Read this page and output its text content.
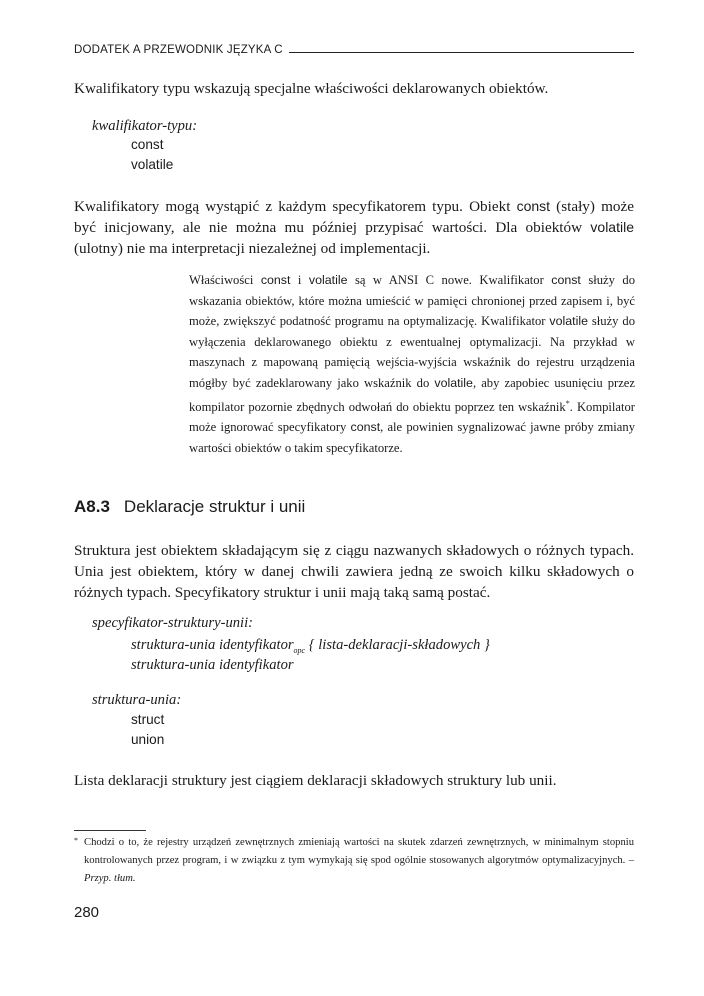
DODATEK A PRZEWODNIK JĘZYKA C

Kwalifikatory typu wskazują specjalne właściwości deklarowanych obiektów.

kwalifikator-typu:
const
volatile

Kwalifikatory mogą wystąpić z każdym specyfikatorem typu. Obiekt const (stały) może być inicjowany, ale nie można mu później przypisać wartości. Dla obiektów volatile (ulotny) nie ma interpretacji niezależnej od implementacji.

Właściwości const i volatile są w ANSI C nowe. Kwalifikator const służy do wskazania obiektów, które można umieścić w pamięci chronionej przed zapisem i, być może, zwiększyć podatność programu na optymalizację. Kwalifikator volatile służy do wyłączenia deklarowanego obiektu z ewentualnej optymalizacji. Na przykład w maszynach z mapowaną pamięcią wejścia-wyjścia wskaźnik do rejestru urządzenia mógłby być zadeklarowany jako wskaźnik do volatile, aby zapobiec usunięciu przez kompilator pozornie zbędnych odwołań do obiektu poprzez ten wskaźnik*. Kompilator może ignorować specyfikatory const, ale powinien sygnalizować jawne próby zmiany wartości obiektów o takim specyfikatorze.

A8.3 Deklaracje struktur i unii

Struktura jest obiektem składającym się z ciągu nazwanych składowych o różnych typach. Unia jest obiektem, który w danej chwili zawiera jedną ze swoich kilku składowych o różnych typach. Specyfikatory struktur i unii mają taką samą postać.

specyfikator-struktury-unii:
struktura-unia identyfikator$_{opc}$ { lista-deklaracji-składowych }
struktura-unia identyfikator
struktura-unia:
struct
union

Lista deklaracji struktury jest ciągiem deklaracji składowych struktury lub unii.

* Chodzi o to, że rejestry urządzeń zewnętrznych zmieniają wartości na skutek zdarzeń zewnętrznych, w minimalnym stopniu kontrolowanych przez program, i w związku z tym wymykają się spod ogólnie stosowanych algorytmów optymalizacyjnych. – Przyp. tłum.
280
